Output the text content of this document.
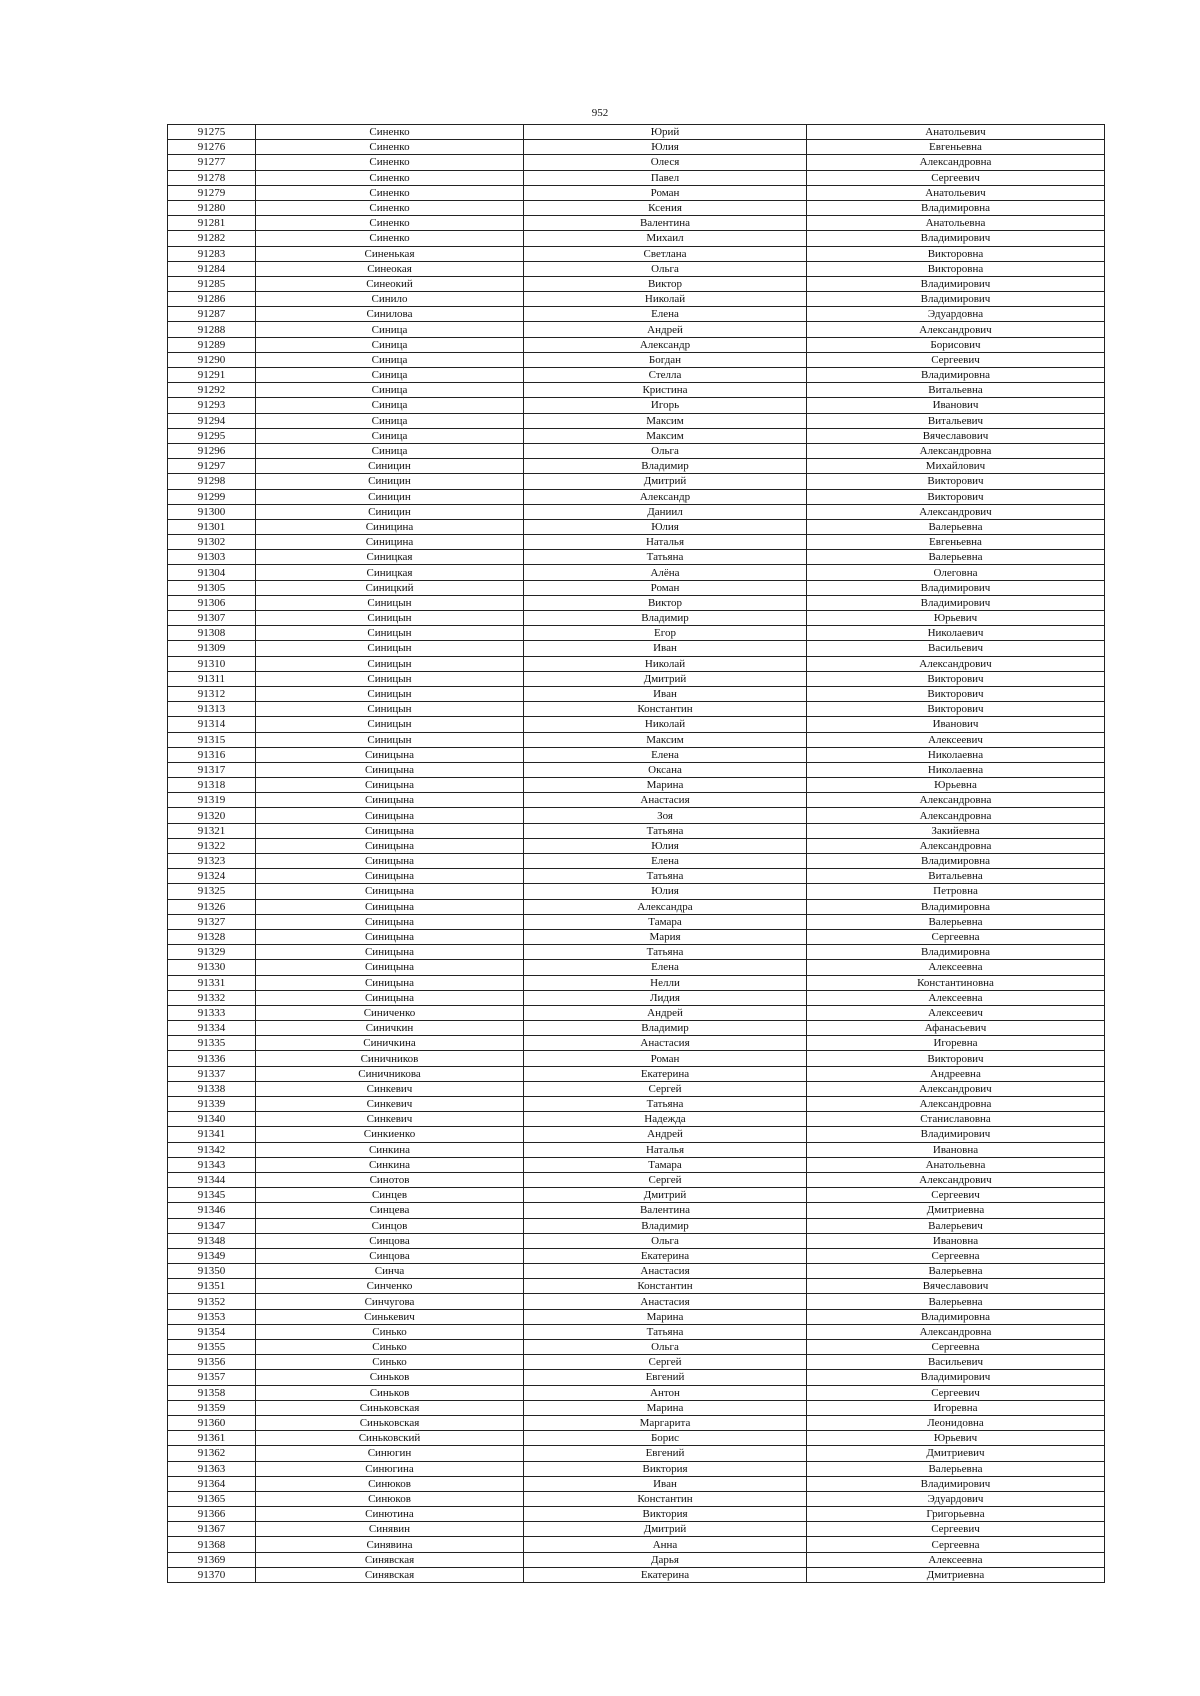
952
91275	Синенко	Юрий	Анатольевич
91276	Синенко	Юлия	Евгеньевна
91277	Синенко	Олеся	Александровна
91278	Синенко	Павел	Сергеевич
91279	Синенко	Роман	Анатольевич
91280	Синенко	Ксения	Владимировна
91281	Синенко	Валентина	Анатольевна
91282	Синенко	Михаил	Владимирович
91283	Синенькая	Светлана	Викторовна
91284	Синеокая	Ольга	Викторовна
91285	Синеокий	Виктор	Владимирович
91286	Синило	Николай	Владимирович
91287	Синилова	Елена	Эдуардовна
91288	Синица	Андрей	Александрович
91289	Синица	Александр	Борисович
91290	Синица	Богдан	Сергеевич
91291	Синица	Стелла	Владимировна
91292	Синица	Кристина	Витальевна
91293	Синица	Игорь	Иванович
91294	Синица	Максим	Витальевич
91295	Синица	Максим	Вячеславович
91296	Синица	Ольга	Александровна
91297	Синицин	Владимир	Михайлович
91298	Синицин	Дмитрий	Викторович
91299	Синицин	Александр	Викторович
91300	Синицин	Даниил	Александрович
91301	Синицина	Юлия	Валерьевна
91302	Синицина	Наталья	Евгеньевна
91303	Синицкая	Татьяна	Валерьевна
91304	Синицкая	Алёна	Олеговна
91305	Синицкий	Роман	Владимирович
91306	Синицын	Виктор	Владимирович
91307	Синицын	Владимир	Юрьевич
91308	Синицын	Егор	Николаевич
91309	Синицын	Иван	Васильевич
91310	Синицын	Николай	Александрович
91311	Синицын	Дмитрий	Викторович
91312	Синицын	Иван	Викторович
91313	Синицын	Константин	Викторович
91314	Синицын	Николай	Иванович
91315	Синицын	Максим	Алексеевич
91316	Синицына	Елена	Николаевна
91317	Синицына	Оксана	Николаевна
91318	Синицына	Марина	Юрьевна
91319	Синицына	Анастасия	Александровна
91320	Синицына	Зоя	Александровна
91321	Синицына	Татьяна	Закийевна
91322	Синицына	Юлия	Александровна
91323	Синицына	Елена	Владимировна
91324	Синицына	Татьяна	Витальевна
91325	Синицына	Юлия	Петровна
91326	Синицына	Александра	Владимировна
91327	Синицына	Тамара	Валерьевна
91328	Синицына	Мария	Сергеевна
91329	Синицына	Татьяна	Владимировна
91330	Синицына	Елена	Алексеевна
91331	Синицына	Нелли	Константиновна
91332	Синицына	Лидия	Алексеевна
91333	Синиченко	Андрей	Алексеевич
91334	Синичкин	Владимир	Афанасьевич
91335	Синичкина	Анастасия	Игоревна
91336	Синичников	Роман	Викторович
91337	Синичникова	Екатерина	Андреевна
91338	Синкевич	Сергей	Александрович
91339	Синкевич	Татьяна	Александровна
91340	Синкевич	Надежда	Станиславовна
91341	Синкиенко	Андрей	Владимирович
91342	Синкина	Наталья	Ивановна
91343	Синкина	Тамара	Анатольевна
91344	Синотов	Сергей	Александрович
91345	Синцев	Дмитрий	Сергеевич
91346	Синцева	Валентина	Дмитриевна
91347	Синцов	Владимир	Валерьевич
91348	Синцова	Ольга	Ивановна
91349	Синцова	Екатерина	Сергеевна
91350	Синча	Анастасия	Валерьевна
91351	Синченко	Константин	Вячеславович
91352	Синчугова	Анастасия	Валерьевна
91353	Синькевич	Марина	Владимировна
91354	Синько	Татьяна	Александровна
91355	Синько	Ольга	Сергеевна
91356	Синько	Сергей	Васильевич
91357	Синьков	Евгений	Владимирович
91358	Синьков	Антон	Сергеевич
91359	Синьковская	Марина	Игоревна
91360	Синьковская	Маргарита	Леонидовна
91361	Синьковский	Борис	Юрьевич
91362	Синюгин	Евгений	Дмитриевич
91363	Синюгина	Виктория	Валерьевна
91364	Синюков	Иван	Владимирович
91365	Синюков	Константин	Эдуардович
91366	Синютина	Виктория	Григорьевна
91367	Синявин	Дмитрий	Сергеевич
91368	Синявина	Анна	Сергеевна
91369	Синявская	Дарья	Алексеевна
91370	Синявская	Екатерина	Дмитриевна
